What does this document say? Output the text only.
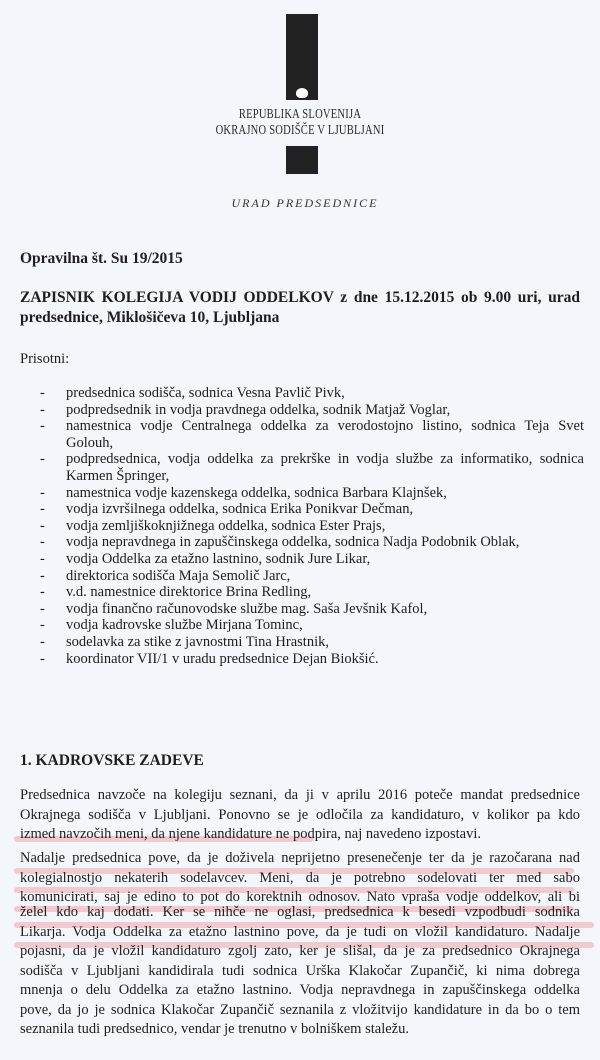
REPUBLIKA SLOVENIJA
OKRAJNO SODIŠČE V LJUBLJANI
URAD PREDSEDNICE
Opravilna št. Su 19/2015
ZAPISNIK KOLEGIJA VODIJ ODDELKOV z dne 15.12.2015 ob 9.00 uri, urad predsednice, Miklošičeva 10, Ljubljana
Prisotni:
- predsednica sodišča, sodnica Vesna Pavlič Pivk,
- podpredsednik in vodja pravdnega oddelka, sodnik Matjaž Voglar,
- namestnica vodje Centralnega oddelka za verodostojno listino, sodnica Teja Svet Golouh,
- podpredsednica, vodja oddelka za prekrške in vodja službe za informatiko, sodnica Karmen Špringer,
- namestnica vodje kazenskega oddelka, sodnica Barbara Klajnšek,
- vodja izvršilnega oddelka, sodnica Erika Ponikvar Dečman,
- vodja zemljiškoknjižnega oddelka, sodnica Ester Prajs,
- vodja nepravdnega in zapuščinskega oddelka, sodnica Nadja Podobnik Oblak,
- vodja Oddelka za etažno lastnino, sodnik Jure Likar,
- direktorica sodišča Maja Semolič Jarc,
- v.d. namestnice direktorice Brina Redling,
- vodja finančno računovodske službe mag. Saša Jevšnik Kafol,
- vodja kadrovske službe Mirjana Tominc,
- sodelavka za stike z javnostmi Tina Hrastnik,
- koordinator VII/1 v uradu predsednice Dejan Biokšić.
1. KADROVSKE ZADEVE
Predsednica navzoče na kolegiju seznani, da ji v aprilu 2016 poteče mandat predsednice
Okrajnega sodišča v Ljubljani. Ponovno se je odločila za kandidaturo, v kolikor pa kdo
izmed navzočih meni, da njene kandidature ne podpira, naj navedeno izpostavi.
Nadalje predsednica pove, da je doživela neprijetno presenečenje ter da je razočarana nad
kolegialnostjo nekaterih sodelavcev. Meni, da je potrebno sodelovati ter med sabo
komunicirati, saj je edino to pot do korektnih odnosov. Nato vpraša vodje oddelkov, ali bi
želel kdo kaj dodati. Ker se nihče ne oglasi, predsednica k besedi vzpodbudi sodnika
Likarja. Vodja Oddelka za etažno lastnino pove, da je tudi on vložil kandidaturo. Nadalje
pojasni, da je vložil kandidaturo zgolj zato, ker je slišal, da je za predsednico Okrajnega
sodišča v Ljubljani kandidirala tudi sodnica Urška Klakočar Zupančič, ki nima dobrega
mnenja o delu Oddelka za etažno lastnino. Vodja nepravdnega in zapuščinskega oddelka
pove, da jo je sodnica Klakočar Zupančič seznanila z vložitvijo kandidature in da bo o tem
seznanila tudi predsednico, vendar je trenutno v bolniškem staležu.
